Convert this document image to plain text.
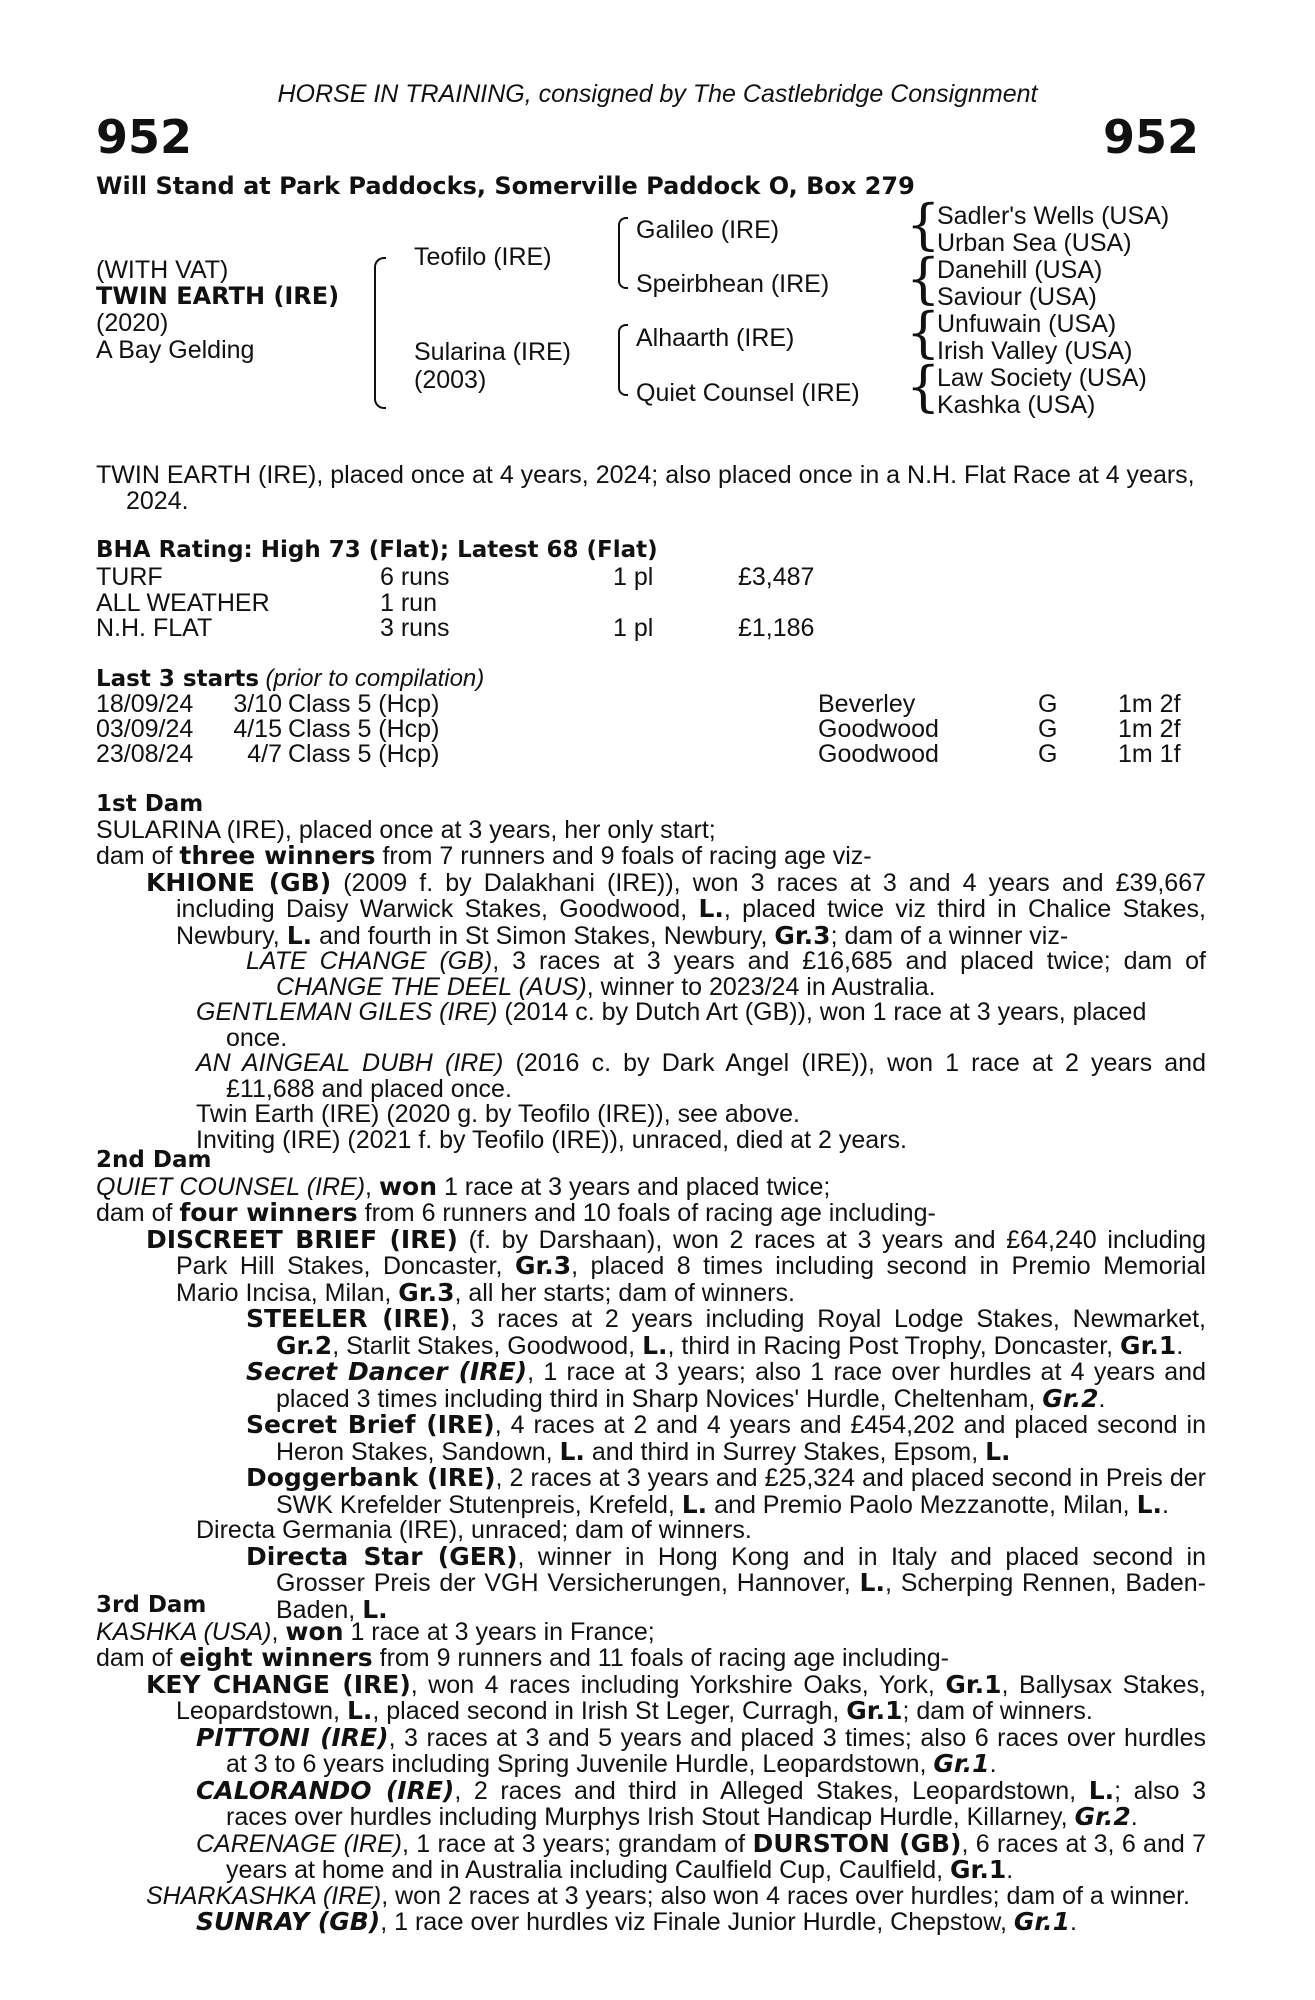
HORSE IN TRAINING, consigned by The Castlebridge Consignment
952	952
Will Stand at Park Paddocks, Somerville Paddock O, Box 279
(WITH VAT)
TWIN EARTH (IRE)
(2020)
A Bay Gelding
Teofilo (IRE)
Sularina (IRE)
(2003)
Galileo (IRE)
Speirbhean (IRE)
Alhaarth (IRE)
Quiet Counsel (IRE)
{
{
{
{
Sadler's Wells (USA)
Urban Sea (USA)
Danehill (USA)
Saviour (USA)
Unfuwain (USA)
Irish Valley (USA)
Law Society (USA)
Kashka (USA)

TWIN EARTH (IRE), placed once at 4 years, 2024; also placed once in a N.H. Flat Race at 4 years, 2024.

BHA Rating: High 73 (Flat); Latest 68 (Flat)
TURF	6 runs	1 pl	£3,487
ALL WEATHER	1 run
N.H. FLAT	3 runs	1 pl	£1,186
Last 3 starts (prior to compilation)
18/09/24	3/10 Class 5 (Hcp)	Beverley	G 1m 2f
03/09/24	4/15 Class 5 (Hcp)	Goodwood	G 1m 2f
23/08/24	4/7 Class 5 (Hcp)	Goodwood	G 1m 1f

1st Dam

SULARINA (IRE), placed once at 3 years, her only start;

dam of three winners from 7 runners and 9 foals of racing age viz-

KHIONE (GB) (2009 f. by Dalakhani (IRE)), won 3 races at 3 and 4 years and £39,667 including Daisy Warwick Stakes, Goodwood, L., placed twice viz third in Chalice Stakes, Newbury, L. and fourth in St Simon Stakes, Newbury, Gr.3; dam of a winner viz-

LATE CHANGE (GB), 3 races at 3 years and £16,685 and placed twice; dam of CHANGE THE DEEL (AUS), winner to 2023/24 in Australia.

GENTLEMAN GILES (IRE) (2014 c. by Dutch Art (GB)), won 1 race at 3 years, placed once.

AN AINGEAL DUBH (IRE) (2016 c. by Dark Angel (IRE)), won 1 race at 2 years and £11,688 and placed once.

Twin Earth (IRE) (2020 g. by Teofilo (IRE)), see above.

Inviting (IRE) (2021 f. by Teofilo (IRE)), unraced, died at 2 years.

2nd Dam

QUIET COUNSEL (IRE), won 1 race at 3 years and placed twice;

dam of four winners from 6 runners and 10 foals of racing age including-

DISCREET BRIEF (IRE) (f. by Darshaan), won 2 races at 3 years and £64,240 including Park Hill Stakes, Doncaster, Gr.3, placed 8 times including second in Premio Memorial Mario Incisa, Milan, Gr.3, all her starts; dam of winners.

STEELER (IRE), 3 races at 2 years including Royal Lodge Stakes, Newmarket, Gr.2, Starlit Stakes, Goodwood, L., third in Racing Post Trophy, Doncaster, Gr.1.

Secret Dancer (IRE), 1 race at 3 years; also 1 race over hurdles at 4 years and placed 3 times including third in Sharp Novices' Hurdle, Cheltenham, Gr.2.

Secret Brief (IRE), 4 races at 2 and 4 years and £454,202 and placed second in Heron Stakes, Sandown, L. and third in Surrey Stakes, Epsom, L.

Doggerbank (IRE), 2 races at 3 years and £25,324 and placed second in Preis der SWK Krefelder Stutenpreis, Krefeld, L. and Premio Paolo Mezzanotte, Milan, L..

Directa Germania (IRE), unraced; dam of winners.

Directa Star (GER), winner in Hong Kong and in Italy and placed second in Grosser Preis der VGH Versicherungen, Hannover, L., Scherping Rennen, Baden-Baden, L.

3rd Dam

KASHKA (USA), won 1 race at 3 years in France;

dam of eight winners from 9 runners and 11 foals of racing age including-

KEY CHANGE (IRE), won 4 races including Yorkshire Oaks, York, Gr.1, Ballysax Stakes, Leopardstown, L., placed second in Irish St Leger, Curragh, Gr.1; dam of winners.

PITTONI (IRE), 3 races at 3 and 5 years and placed 3 times; also 6 races over hurdles at 3 to 6 years including Spring Juvenile Hurdle, Leopardstown, Gr.1.

CALORANDO (IRE), 2 races and third in Alleged Stakes, Leopardstown, L.; also 3 races over hurdles including Murphys Irish Stout Handicap Hurdle, Killarney, Gr.2.

CARENAGE (IRE), 1 race at 3 years; grandam of DURSTON (GB), 6 races at 3, 6 and 7 years at home and in Australia including Caulfield Cup, Caulfield, Gr.1.

SHARKASHKA (IRE), won 2 races at 3 years; also won 4 races over hurdles; dam of a winner.

SUNRAY (GB), 1 race over hurdles viz Finale Junior Hurdle, Chepstow, Gr.1.
